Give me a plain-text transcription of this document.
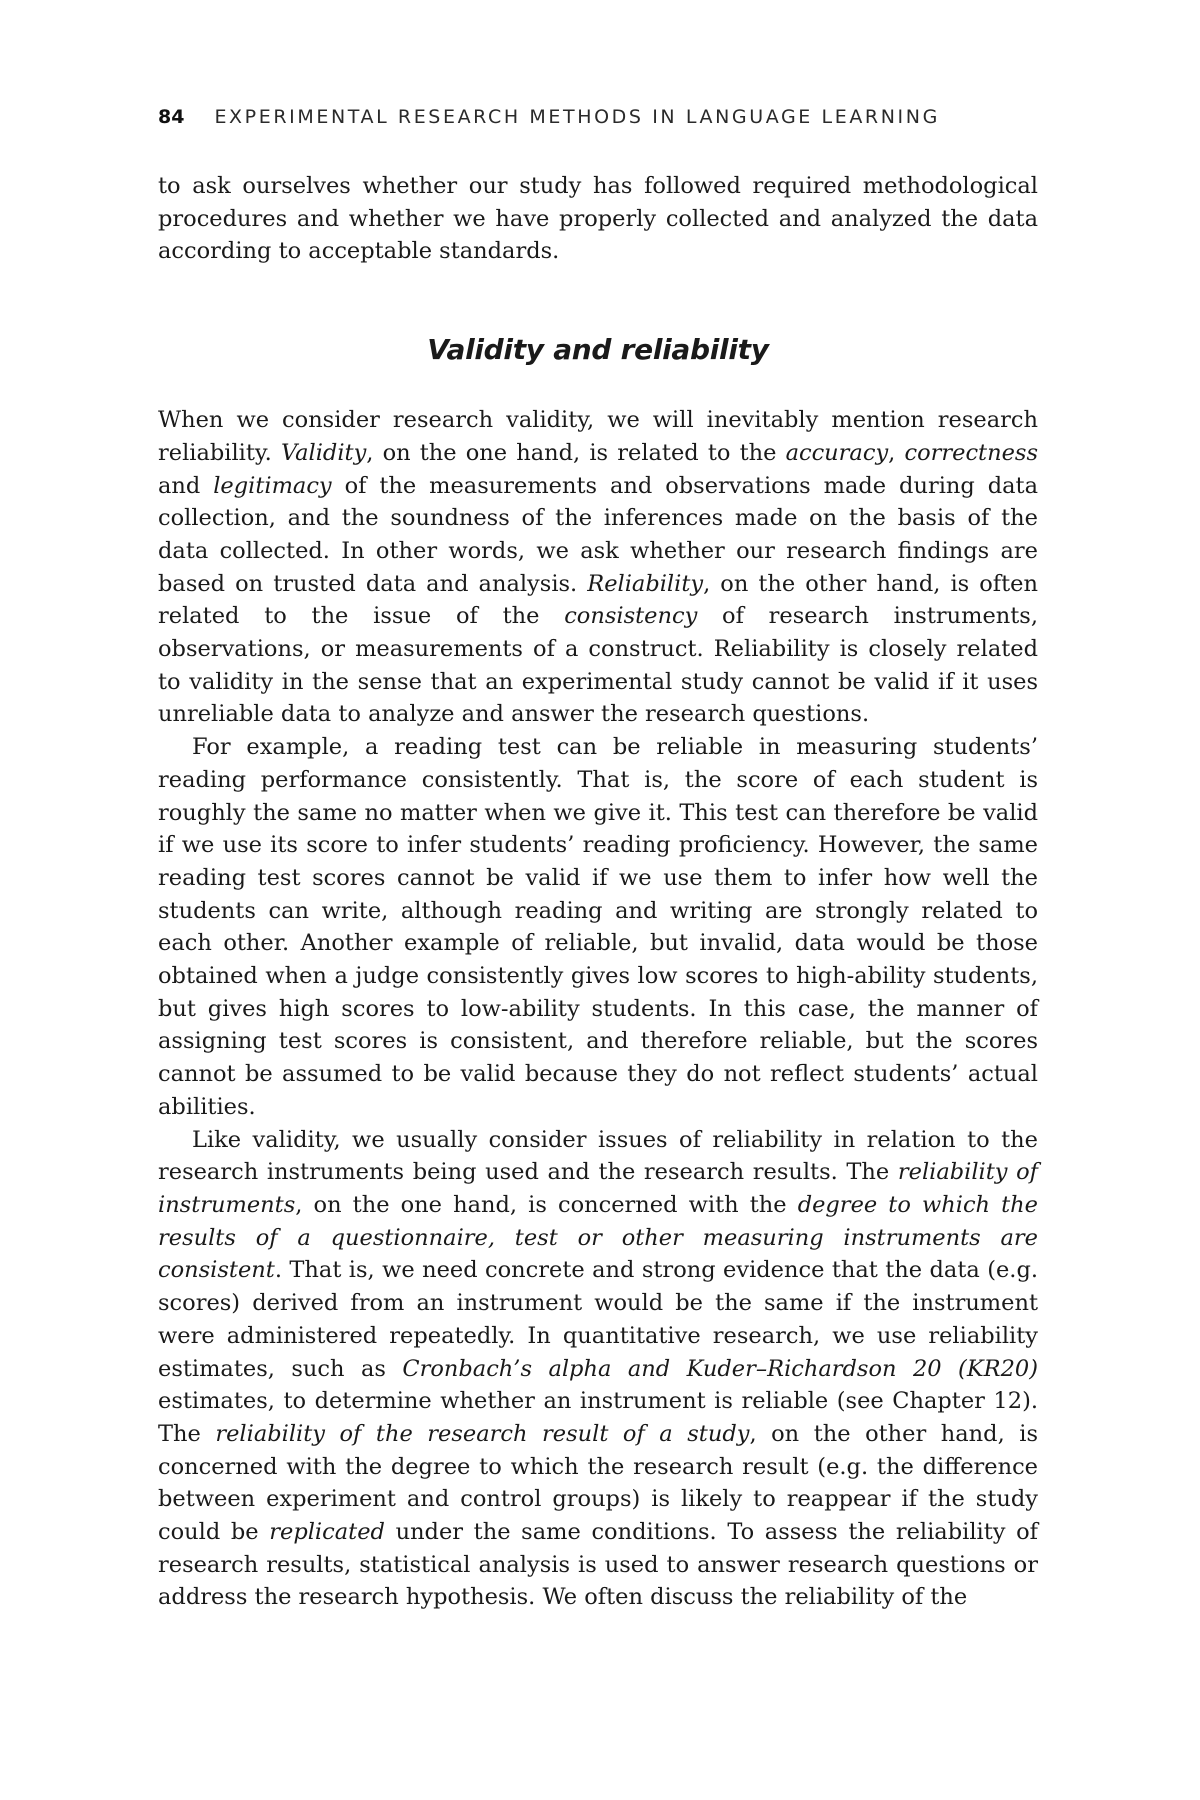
84 EXPERIMENTAL RESEARCH METHODS IN LANGUAGE LEARNING

to ask ourselves whether our study has followed required methodological procedures and whether we have properly collected and analyzed the data according to acceptable standards.

Validity and reliability

When we consider research validity, we will inevitably mention research reliability. Validity, on the one hand, is related to the accuracy, correctness and legitimacy of the measurements and observations made during data collection, and the soundness of the inferences made on the basis of the data collected. In other words, we ask whether our research findings are based on trusted data and analysis. Reliability, on the other hand, is often related to the issue of the consistency of research instruments, observations, or measurements of a construct. Reliability is closely related to validity in the sense that an experimental study cannot be valid if it uses unreliable data to analyze and answer the research questions.

For example, a reading test can be reliable in measuring students’ reading performance consistently. That is, the score of each student is roughly the same no matter when we give it. This test can therefore be valid if we use its score to infer students’ reading proficiency. However, the same reading test scores cannot be valid if we use them to infer how well the students can write, although reading and writing are strongly related to each other. Another example of reliable, but invalid, data would be those obtained when a judge consistently gives low scores to high-ability students, but gives high scores to low-ability students. In this case, the manner of assigning test scores is consistent, and therefore reliable, but the scores cannot be assumed to be valid because they do not reflect students’ actual abilities.

Like validity, we usually consider issues of reliability in relation to the research instruments being used and the research results. The reliability of instruments, on the one hand, is concerned with the degree to which the results of a questionnaire, test or other measuring instruments are consistent. That is, we need concrete and strong evidence that the data (e.g. scores) derived from an instrument would be the same if the instrument were administered repeatedly. In quantitative research, we use reliability estimates, such as Cronbach’s alpha and Kuder–Richardson 20 (KR20) estimates, to determine whether an instrument is reliable (see Chapter 12). The reliability of the research result of a study, on the other hand, is concerned with the degree to which the research result (e.g. the difference between experiment and control groups) is likely to reappear if the study could be replicated under the same conditions. To assess the reliability of research results, statistical analysis is used to answer research questions or address the research hypothesis. We often discuss the reliability of the
